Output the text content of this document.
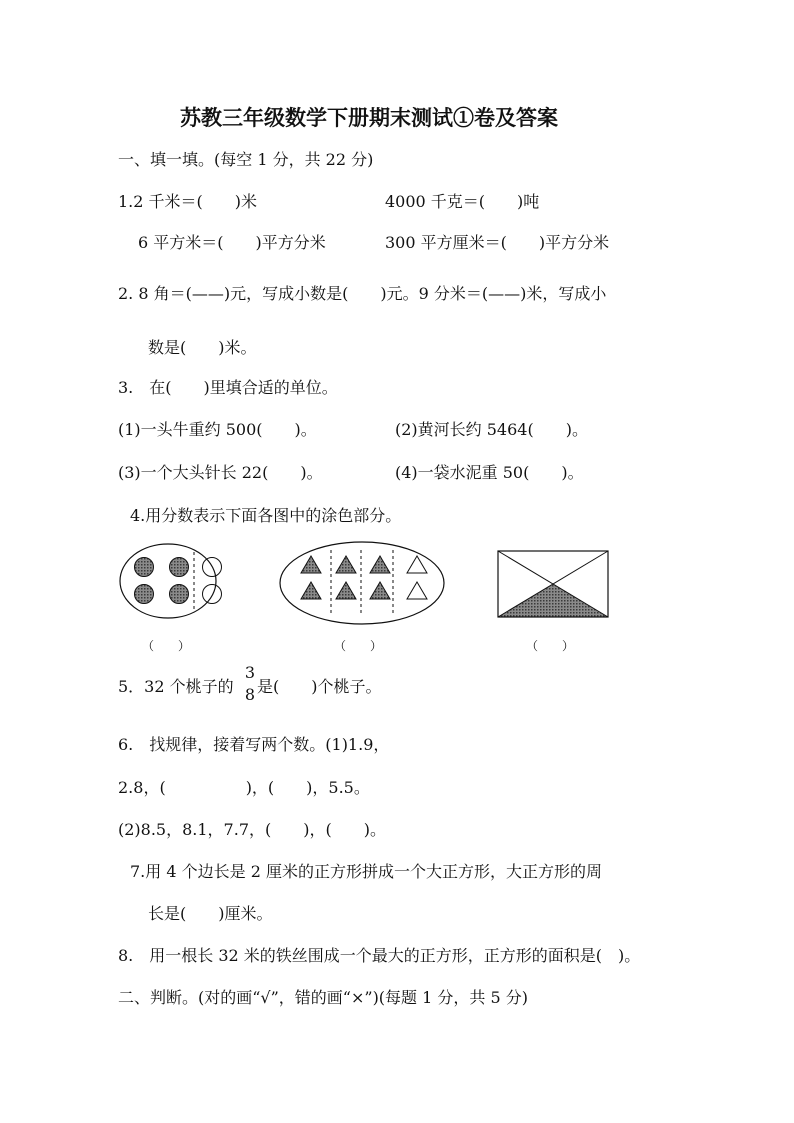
苏教三年级数学下册期末测试①卷及答案
一、填一填。(每空 1 分，共 22 分)
1.2 千米＝(　　)米	4000 千克＝(　　)吨
6 平方米＝(　　)平方分米	300 平方厘米＝(　　)平方分米
2. 8 角＝(——)元，写成小数是(　　)元。9 分米＝(——)米，写成小
数是(　　)米。
3.　在(　　)里填合适的单位。
(1)一头牛重约 500(　　)。	(2)黄河长约 5464(　　)。
(3)一个大头针长 22(　　)。	(4)一袋水泥重 50(　　)。
4.用分数表示下面各图中的涂色部分。
（　　）	（　　）	（　　）
5．32 个桃子的
3
8 是(　　)个桃子。
6.　找规律，接着写两个数。(1)1.9，
2.8，(　　　　　)，(　　)，5.5。
(2)8.5，8.1，7.7，(　　)，(　　)。
7.用 4 个边长是 2 厘米的正方形拼成一个大正方形，大正方形的周
长是(　　)厘米。
8.　用一根长 32 米的铁丝围成一个最大的正方形，正方形的面积是(　)。
二、判断。(对的画“√”，错的画“×”)(每题 1 分，共 5 分)
